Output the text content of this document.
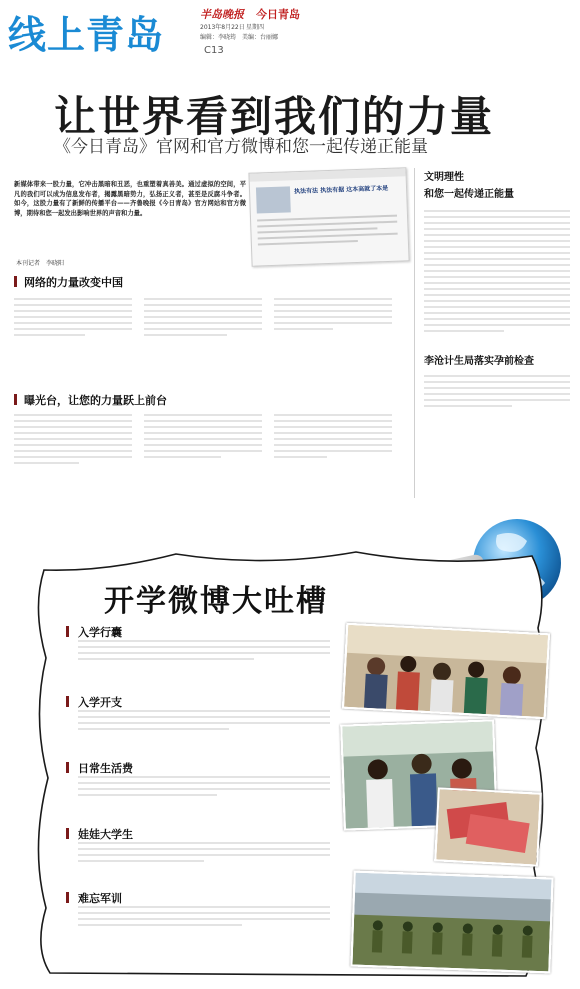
线上青岛	半岛晚报 今日青岛
2013年8月22日 星期四
编辑：李晓筠　美编：台丽娜
C13
让世界看到我们的力量
《今日青岛》官网和官方微博和您一起传递正能量
新媒体带来一股力量，它冲击黑暗和丑恶，也重塑着真善美。通过虚拟的空间，平凡的我们可以成为信息发布者，揭露黑暗势力，弘扬正义者，甚至是反腐斗争者。如今，这股力量有了新鲜的传播平台——齐鲁晚报《今日青岛》官方网站和官方微博，期待和您一起发出影响世界的声音和力量。
执法有法 执法有据 这本高就了本是
本刊记者　李晓阳
网络的力量改变中国
曝光台，让您的力量跃上前台
文明理性
和您一起传递正能量
李沧计生局落实孕前检查
开学微博大吐槽
入学行囊
入学开支
日常生活费
娃娃大学生
难忘军训
